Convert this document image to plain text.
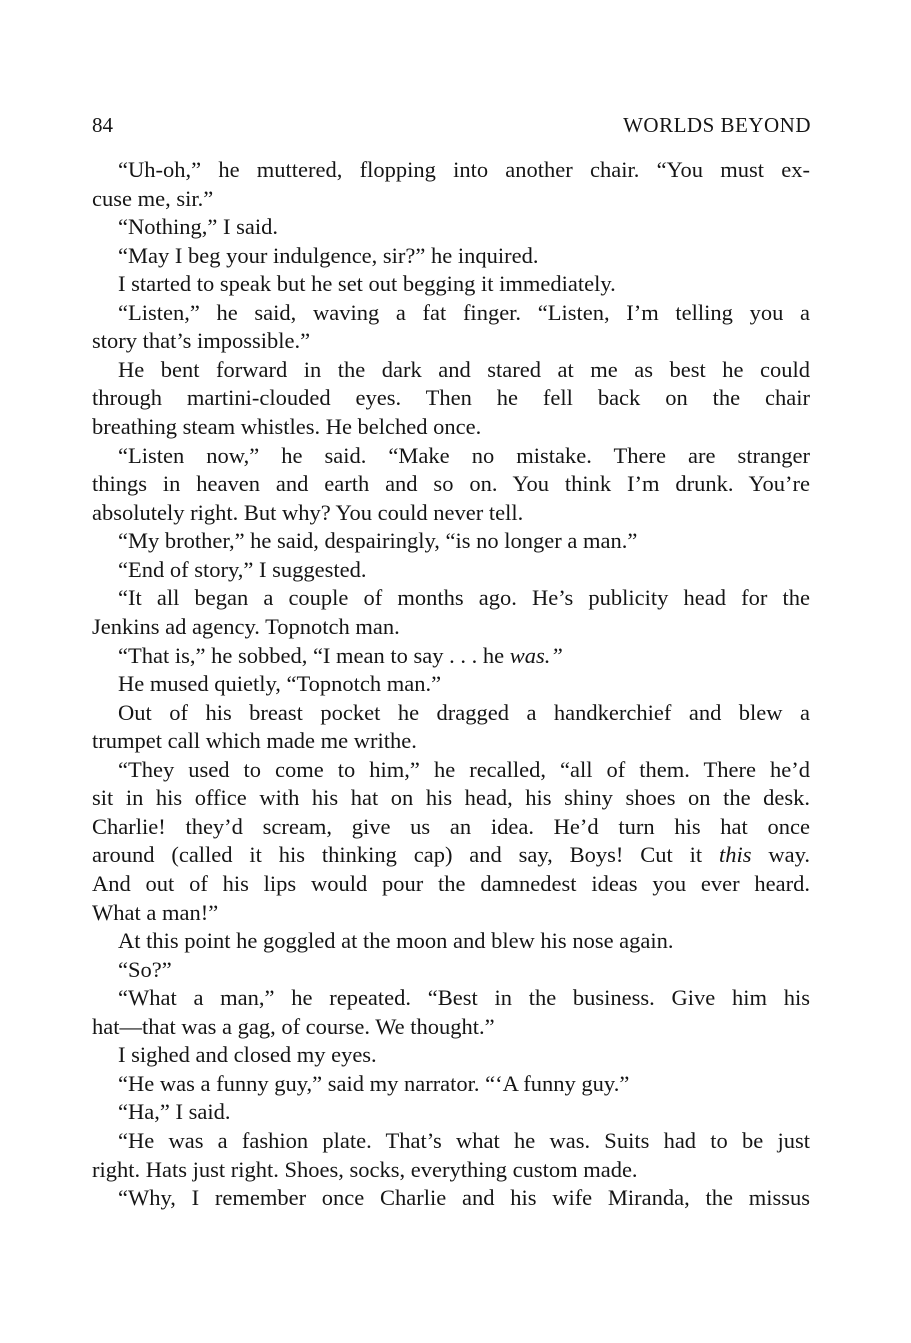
84	WORLDS BEYOND
“Uh-oh,” he muttered, flopping into another chair. “You must ex-
cuse me, sir.”
“Nothing,” I said.
“May I beg your indulgence, sir?” he inquired.
I started to speak but he set out begging it immediately.
“Listen,” he said, waving a fat finger. “Listen, I’m telling you a
story that’s impossible.”
He bent forward in the dark and stared at me as best he could
through martini-clouded eyes. Then he fell back on the chair
breathing steam whistles. He belched once.
“Listen now,” he said. “Make no mistake. There are stranger
things in heaven and earth and so on. You think I’m drunk. You’re
absolutely right. But why? You could never tell.
“My brother,” he said, despairingly, “is no longer a man.”
“End of story,” I suggested.
“It all began a couple of months ago. He’s publicity head for the
Jenkins ad agency. Topnotch man.
“That is,” he sobbed, “I mean to say . . . he was.”
He mused quietly, “Topnotch man.”
Out of his breast pocket he dragged a handkerchief and blew a
trumpet call which made me writhe.
“They used to come to him,” he recalled, “all of them. There he’d
sit in his office with his hat on his head, his shiny shoes on the desk.
Charlie! they’d scream, give us an idea. He’d turn his hat once
around (called it his thinking cap) and say, Boys! Cut it this way.
And out of his lips would pour the damnedest ideas you ever heard.
What a man!”
At this point he goggled at the moon and blew his nose again.
“So?”
“What a man,” he repeated. “Best in the business. Give him his
hat—that was a gag, of course. We thought.”
I sighed and closed my eyes.
“He was a funny guy,” said my narrator. “‘A funny guy.”
“Ha,” I said.
“He was a fashion plate. That’s what he was. Suits had to be just
right. Hats just right. Shoes, socks, everything custom made.
“Why, I remember once Charlie and his wife Miranda, the missus
